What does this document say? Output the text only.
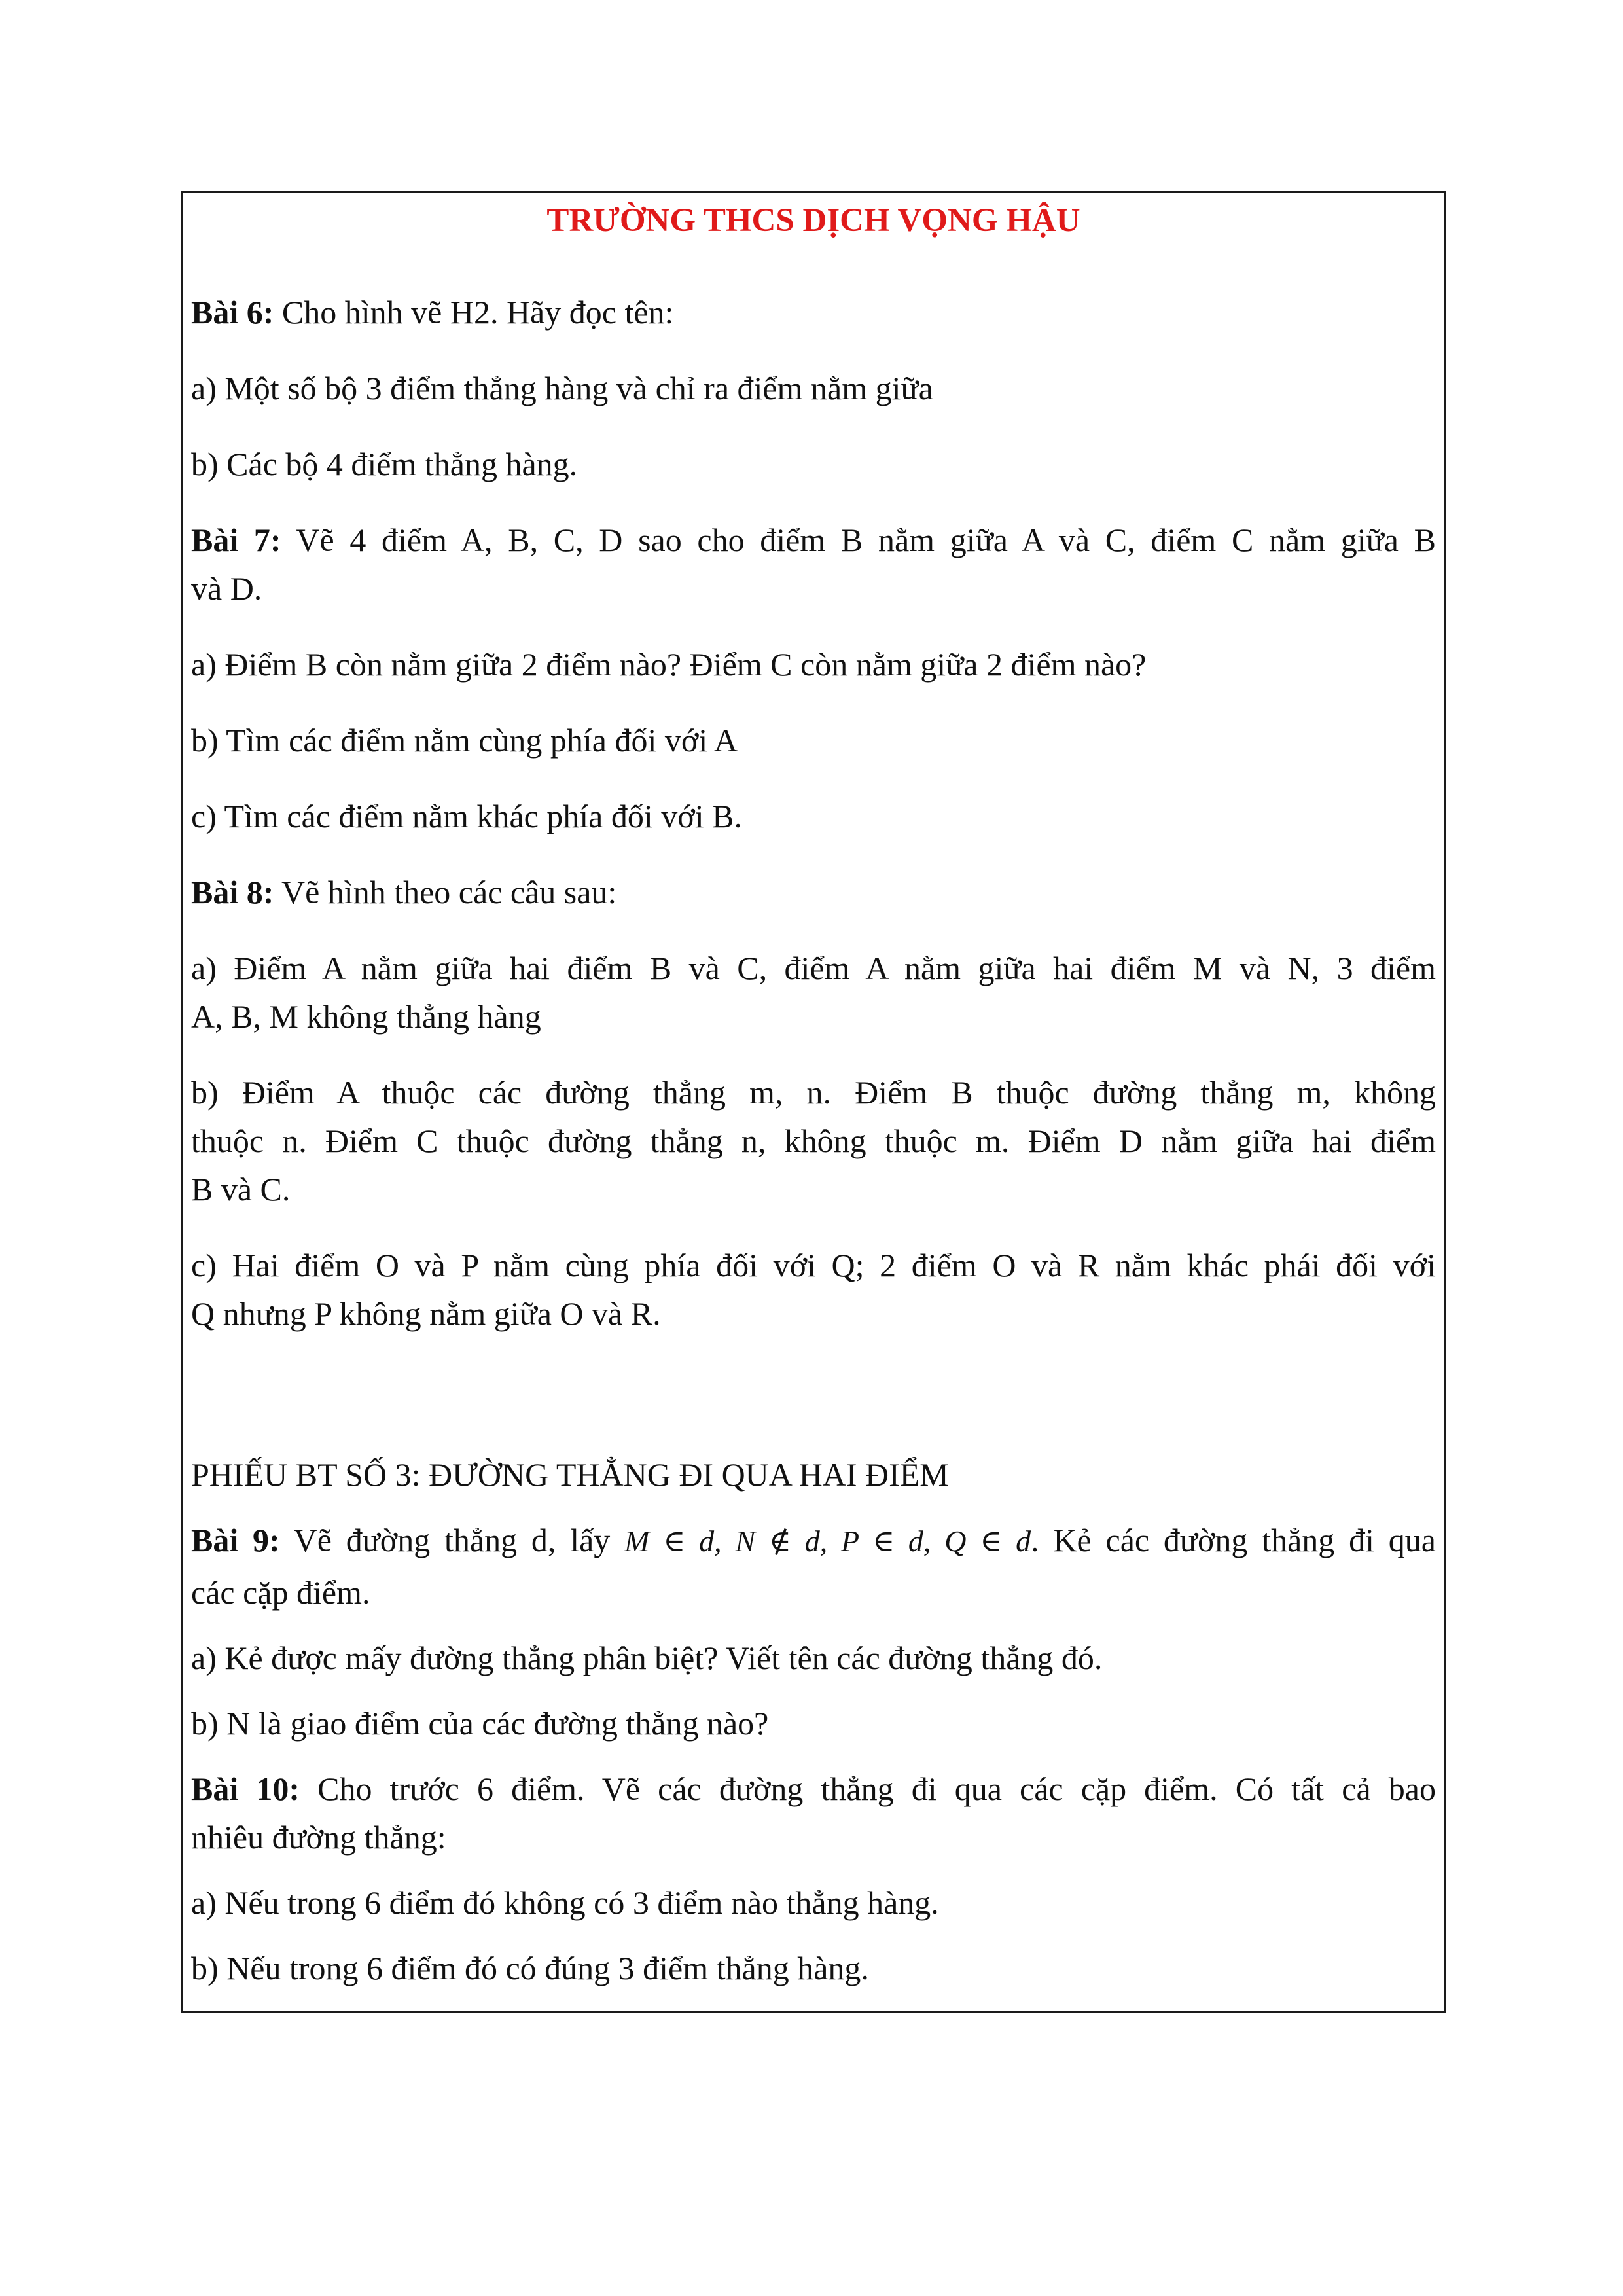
TRƯỜNG THCS DỊCH VỌNG HẬU
Bài 6: Cho hình vẽ H2. Hãy đọc tên:
a) Một số bộ 3 điểm thẳng hàng và chỉ ra điểm nằm giữa
b) Các bộ 4 điểm thẳng hàng.
Bài 7: Vẽ 4 điểm A, B, C, D sao cho điểm B nằm giữa A và C, điểm C nằm giữa B
và D.
a) Điểm B còn nằm giữa 2 điểm nào? Điểm C còn nằm giữa 2 điểm nào?
b) Tìm các điểm nằm cùng phía đối với A
c) Tìm các điểm nằm khác phía đối với B.
Bài 8: Vẽ hình theo các câu sau:
a) Điểm A nằm giữa hai điểm B và C, điểm A nằm giữa hai điểm M và N, 3 điểm
A, B, M không thẳng hàng
b) Điểm A thuộc các đường thẳng m, n. Điểm B thuộc đường thẳng m, không
thuộc n. Điểm C thuộc đường thẳng n, không thuộc m. Điểm D nằm giữa hai điểm
B và C.
c) Hai điểm O và P nằm cùng phía đối với Q; 2 điểm O và R nằm khác phái đối với
Q nhưng P không nằm giữa O và R.
PHIẾU BT SỐ 3: ĐƯỜNG THẲNG ĐI QUA HAI ĐIỂM
Bài 9: Vẽ đường thẳng d, lấy M ∈ d, N ∉ d, P ∈ d, Q ∈ d. Kẻ các đường thẳng đi qua
các cặp điểm.
a) Kẻ được mấy đường thẳng phân biệt? Viết tên các đường thẳng đó.
b) N là giao điểm của các đường thẳng nào?
Bài 10: Cho trước 6 điểm. Vẽ các đường thẳng đi qua các cặp điểm. Có tất cả bao
nhiêu đường thẳng:
a) Nếu trong 6 điểm đó không có 3 điểm nào thẳng hàng.
b) Nếu trong 6 điểm đó có đúng 3 điểm thẳng hàng.
